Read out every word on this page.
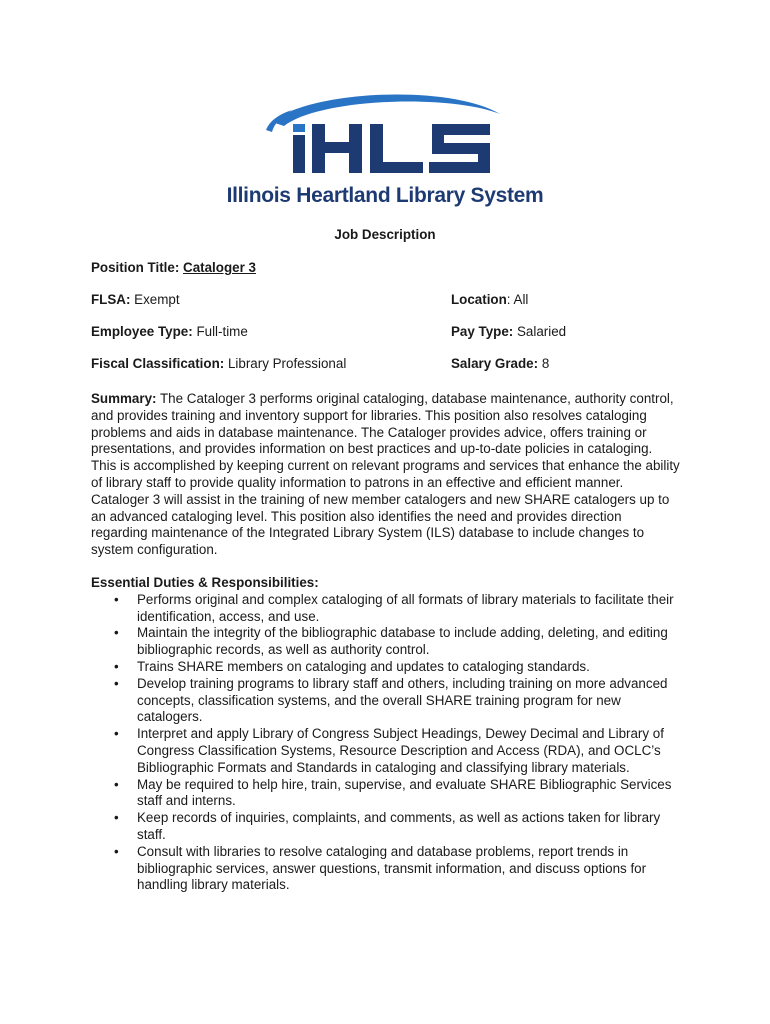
Illinois Heartland Library System
Job Description
Position Title: Cataloger 3
FLSA: Exempt	Location: All
Employee Type: Full-time	Pay Type: Salaried
Fiscal Classification: Library Professional	Salary Grade: 8
Summary: The Cataloger 3 performs original cataloging, database maintenance, authority control, and provides training and inventory support for libraries. This position also resolves cataloging problems and aids in database maintenance. The Cataloger provides advice, offers training or presentations, and provides information on best practices and up-to-date policies in cataloging. This is accomplished by keeping current on relevant programs and services that enhance the ability of library staff to provide quality information to patrons in an effective and efficient manner. Cataloger 3 will assist in the training of new member catalogers and new SHARE catalogers up to an advanced cataloging level. This position also identifies the need and provides direction regarding maintenance of the Integrated Library System (ILS) database to include changes to system configuration.
Essential Duties & Responsibilities:
• Performs original and complex cataloging of all formats of library materials to facilitate their identification, access, and use.
• Maintain the integrity of the bibliographic database to include adding, deleting, and editing bibliographic records, as well as authority control.
• Trains SHARE members on cataloging and updates to cataloging standards.
• Develop training programs to library staff and others, including training on more advanced concepts, classification systems, and the overall SHARE training program for new catalogers.
• Interpret and apply Library of Congress Subject Headings, Dewey Decimal and Library of Congress Classification Systems, Resource Description and Access (RDA), and OCLC’s Bibliographic Formats and Standards in cataloging and classifying library materials.
• May be required to help hire, train, supervise, and evaluate SHARE Bibliographic Services staff and interns.
• Keep records of inquiries, complaints, and comments, as well as actions taken for library staff.
• Consult with libraries to resolve cataloging and database problems, report trends in bibliographic services, answer questions, transmit information, and discuss options for handling library materials.
